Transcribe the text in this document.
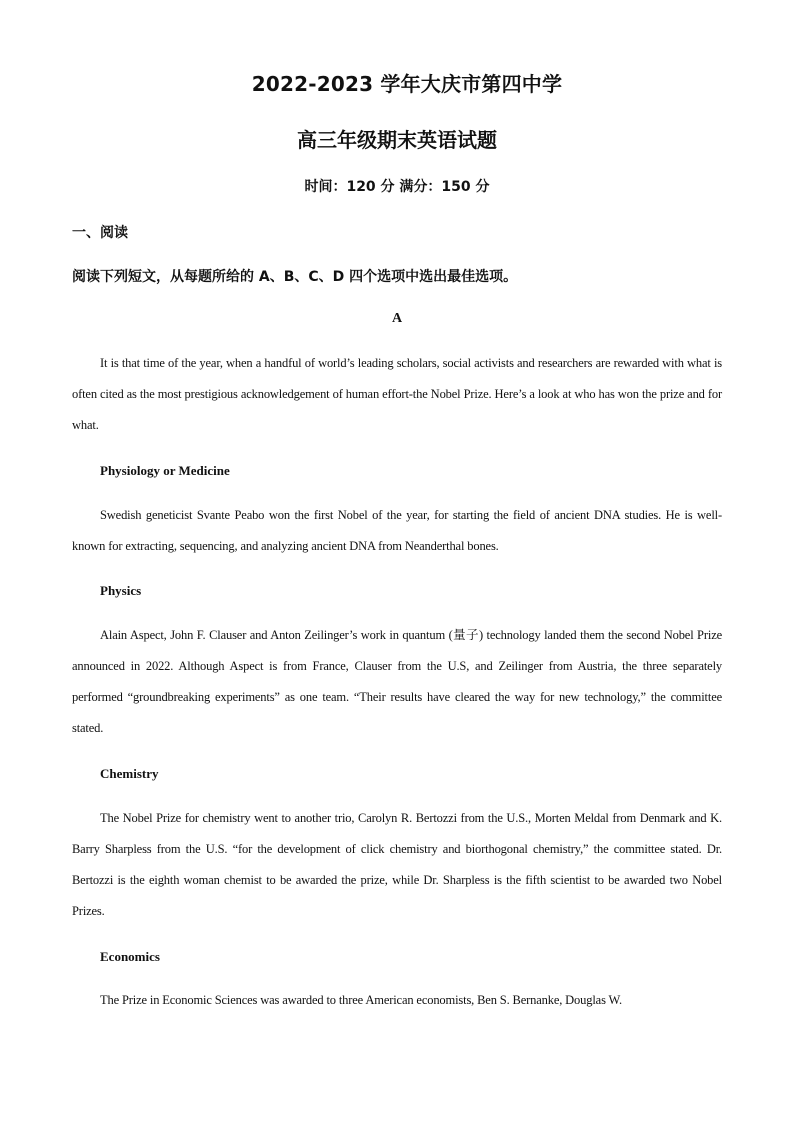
2022-2023 学年大庆市第四中学
高三年级期末英语试题
时间：120 分 满分：150 分
一、阅读
阅读下列短文，从每题所给的 A、B、C、D 四个选项中选出最佳选项。
A
It is that time of the year, when a handful of world’s leading scholars, social activists and researchers are rewarded with what is often cited as the most prestigious acknowledgement of human effort-the Nobel Prize. Here’s a look at who has won the prize and for what.
Physiology or Medicine
Swedish geneticist Svante Peabo won the first Nobel of the year, for starting the field of ancient DNA studies. He is well-known for extracting, sequencing, and analyzing ancient DNA from Neanderthal bones.
Physics
Alain Aspect, John F. Clauser and Anton Zeilinger’s work in quantum (量子) technology landed them the second Nobel Prize announced in 2022. Although Aspect is from France, Clauser from the U.S, and Zeilinger from Austria, the three separately performed “groundbreaking experiments” as one team. “Their results have cleared the way for new technology,” the committee stated.
Chemistry
The Nobel Prize for chemistry went to another trio, Carolyn R. Bertozzi from the U.S., Morten Meldal from Denmark and K. Barry Sharpless from the U.S. “for the development of click chemistry and biorthogonal chemistry,” the committee stated. Dr. Bertozzi is the eighth woman chemist to be awarded the prize, while Dr. Sharpless is the fifth scientist to be awarded two Nobel Prizes.
Economics
The Prize in Economic Sciences was awarded to three American economists, Ben S. Bernanke, Douglas W.
